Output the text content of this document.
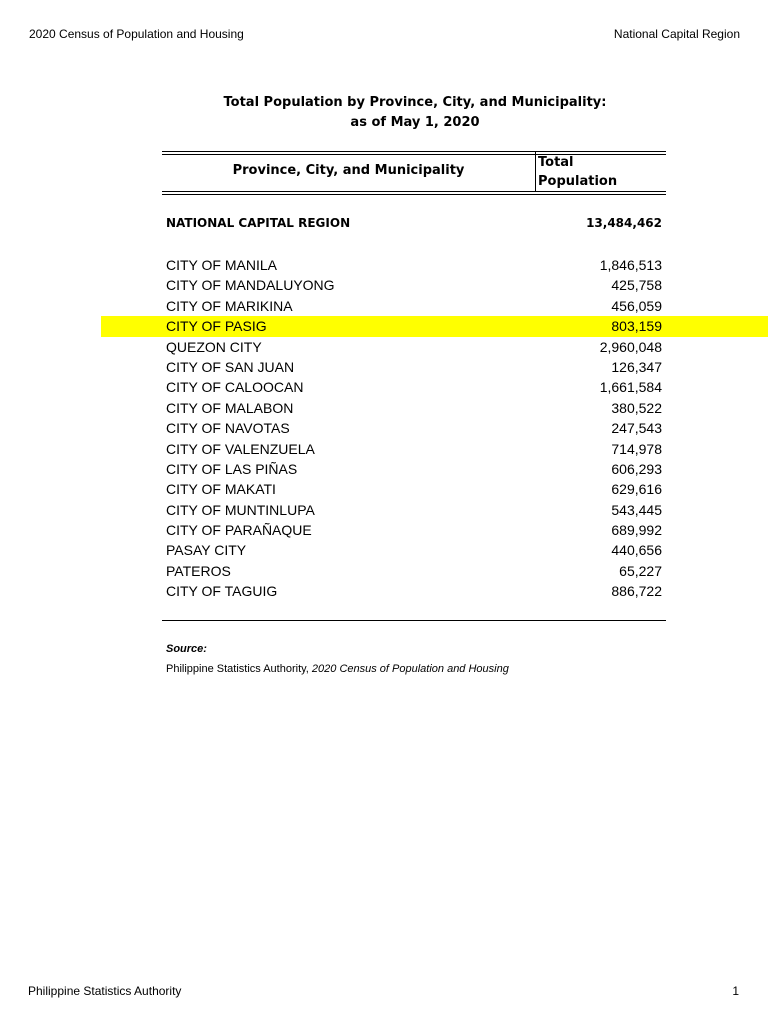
2020 Census of Population and Housing	National Capital Region
Total Population by Province, City, and Municipality:
as of May 1, 2020
Province, City, and Municipality
Total
Population
NATIONAL CAPITAL REGION	13,484,462
CITY OF MANILA	1,846,513
CITY OF MANDALUYONG	425,758
CITY OF MARIKINA	456,059
CITY OF PASIG	803,159
QUEZON CITY	2,960,048
CITY OF SAN JUAN	126,347
CITY OF CALOOCAN	1,661,584
CITY OF MALABON	380,522
CITY OF NAVOTAS	247,543
CITY OF VALENZUELA	714,978
CITY OF LAS PIÑAS	606,293
CITY OF MAKATI	629,616
CITY OF MUNTINLUPA	543,445
CITY OF PARAÑAQUE	689,992
PASAY CITY	440,656
PATEROS	65,227
CITY OF TAGUIG	886,722
Source:
Philippine Statistics Authority, 2020 Census of Population and Housing
Philippine Statistics Authority	1
